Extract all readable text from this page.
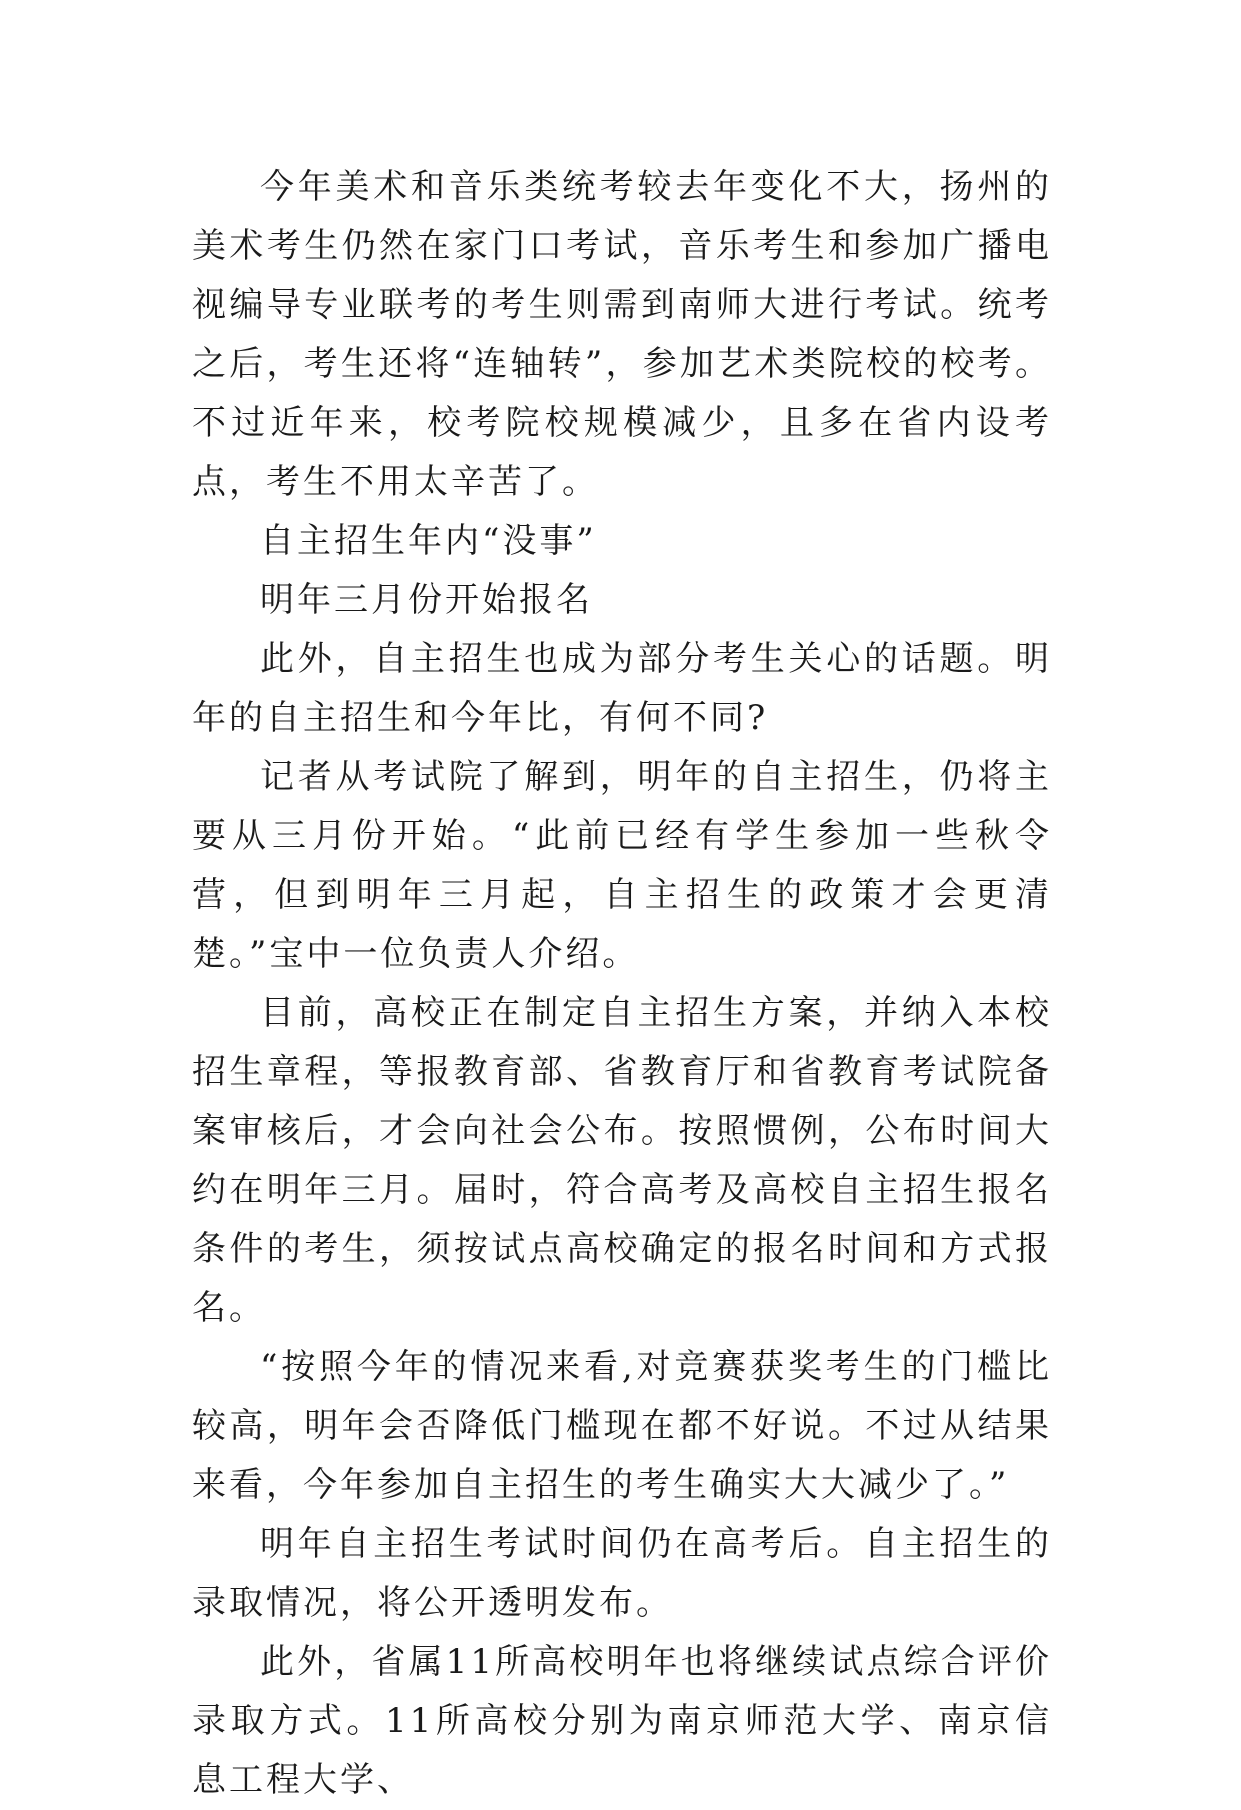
今年美术和音乐类统考较去年变化不大，扬州的美术考生仍然在家门口考试，音乐考生和参加广播电视编导专业联考的考生则需到南师大进行考试。统考之后，考生还将“连轴转”，参加艺术类院校的校考。不过近年来，校考院校规模减少，且多在省内设考点，考生不用太辛苦了。

自主招生年内“没事”

明年三月份开始报名

此外，自主招生也成为部分考生关心的话题。明年的自主招生和今年比，有何不同?

记者从考试院了解到，明年的自主招生，仍将主要从三月份开始。“此前已经有学生参加一些秋令营，但到明年三月起，自主招生的政策才会更清楚。”宝中一位负责人介绍。

目前，高校正在制定自主招生方案，并纳入本校招生章程，等报教育部、省教育厅和省教育考试院备案审核后，才会向社会公布。按照惯例，公布时间大约在明年三月。届时，符合高考及高校自主招生报名条件的考生，须按试点高校确定的报名时间和方式报名。

“按照今年的情况来看,对竞赛获奖考生的门槛比较高，明年会否降低门槛现在都不好说。不过从结果来看，今年参加自主招生的考生确实大大减少了。”

明年自主招生考试时间仍在高考后。自主招生的录取情况，将公开透明发布。

此外，省属11所高校明年也将继续试点综合评价录取方式。11所高校分别为南京师范大学、南京信息工程大学、
